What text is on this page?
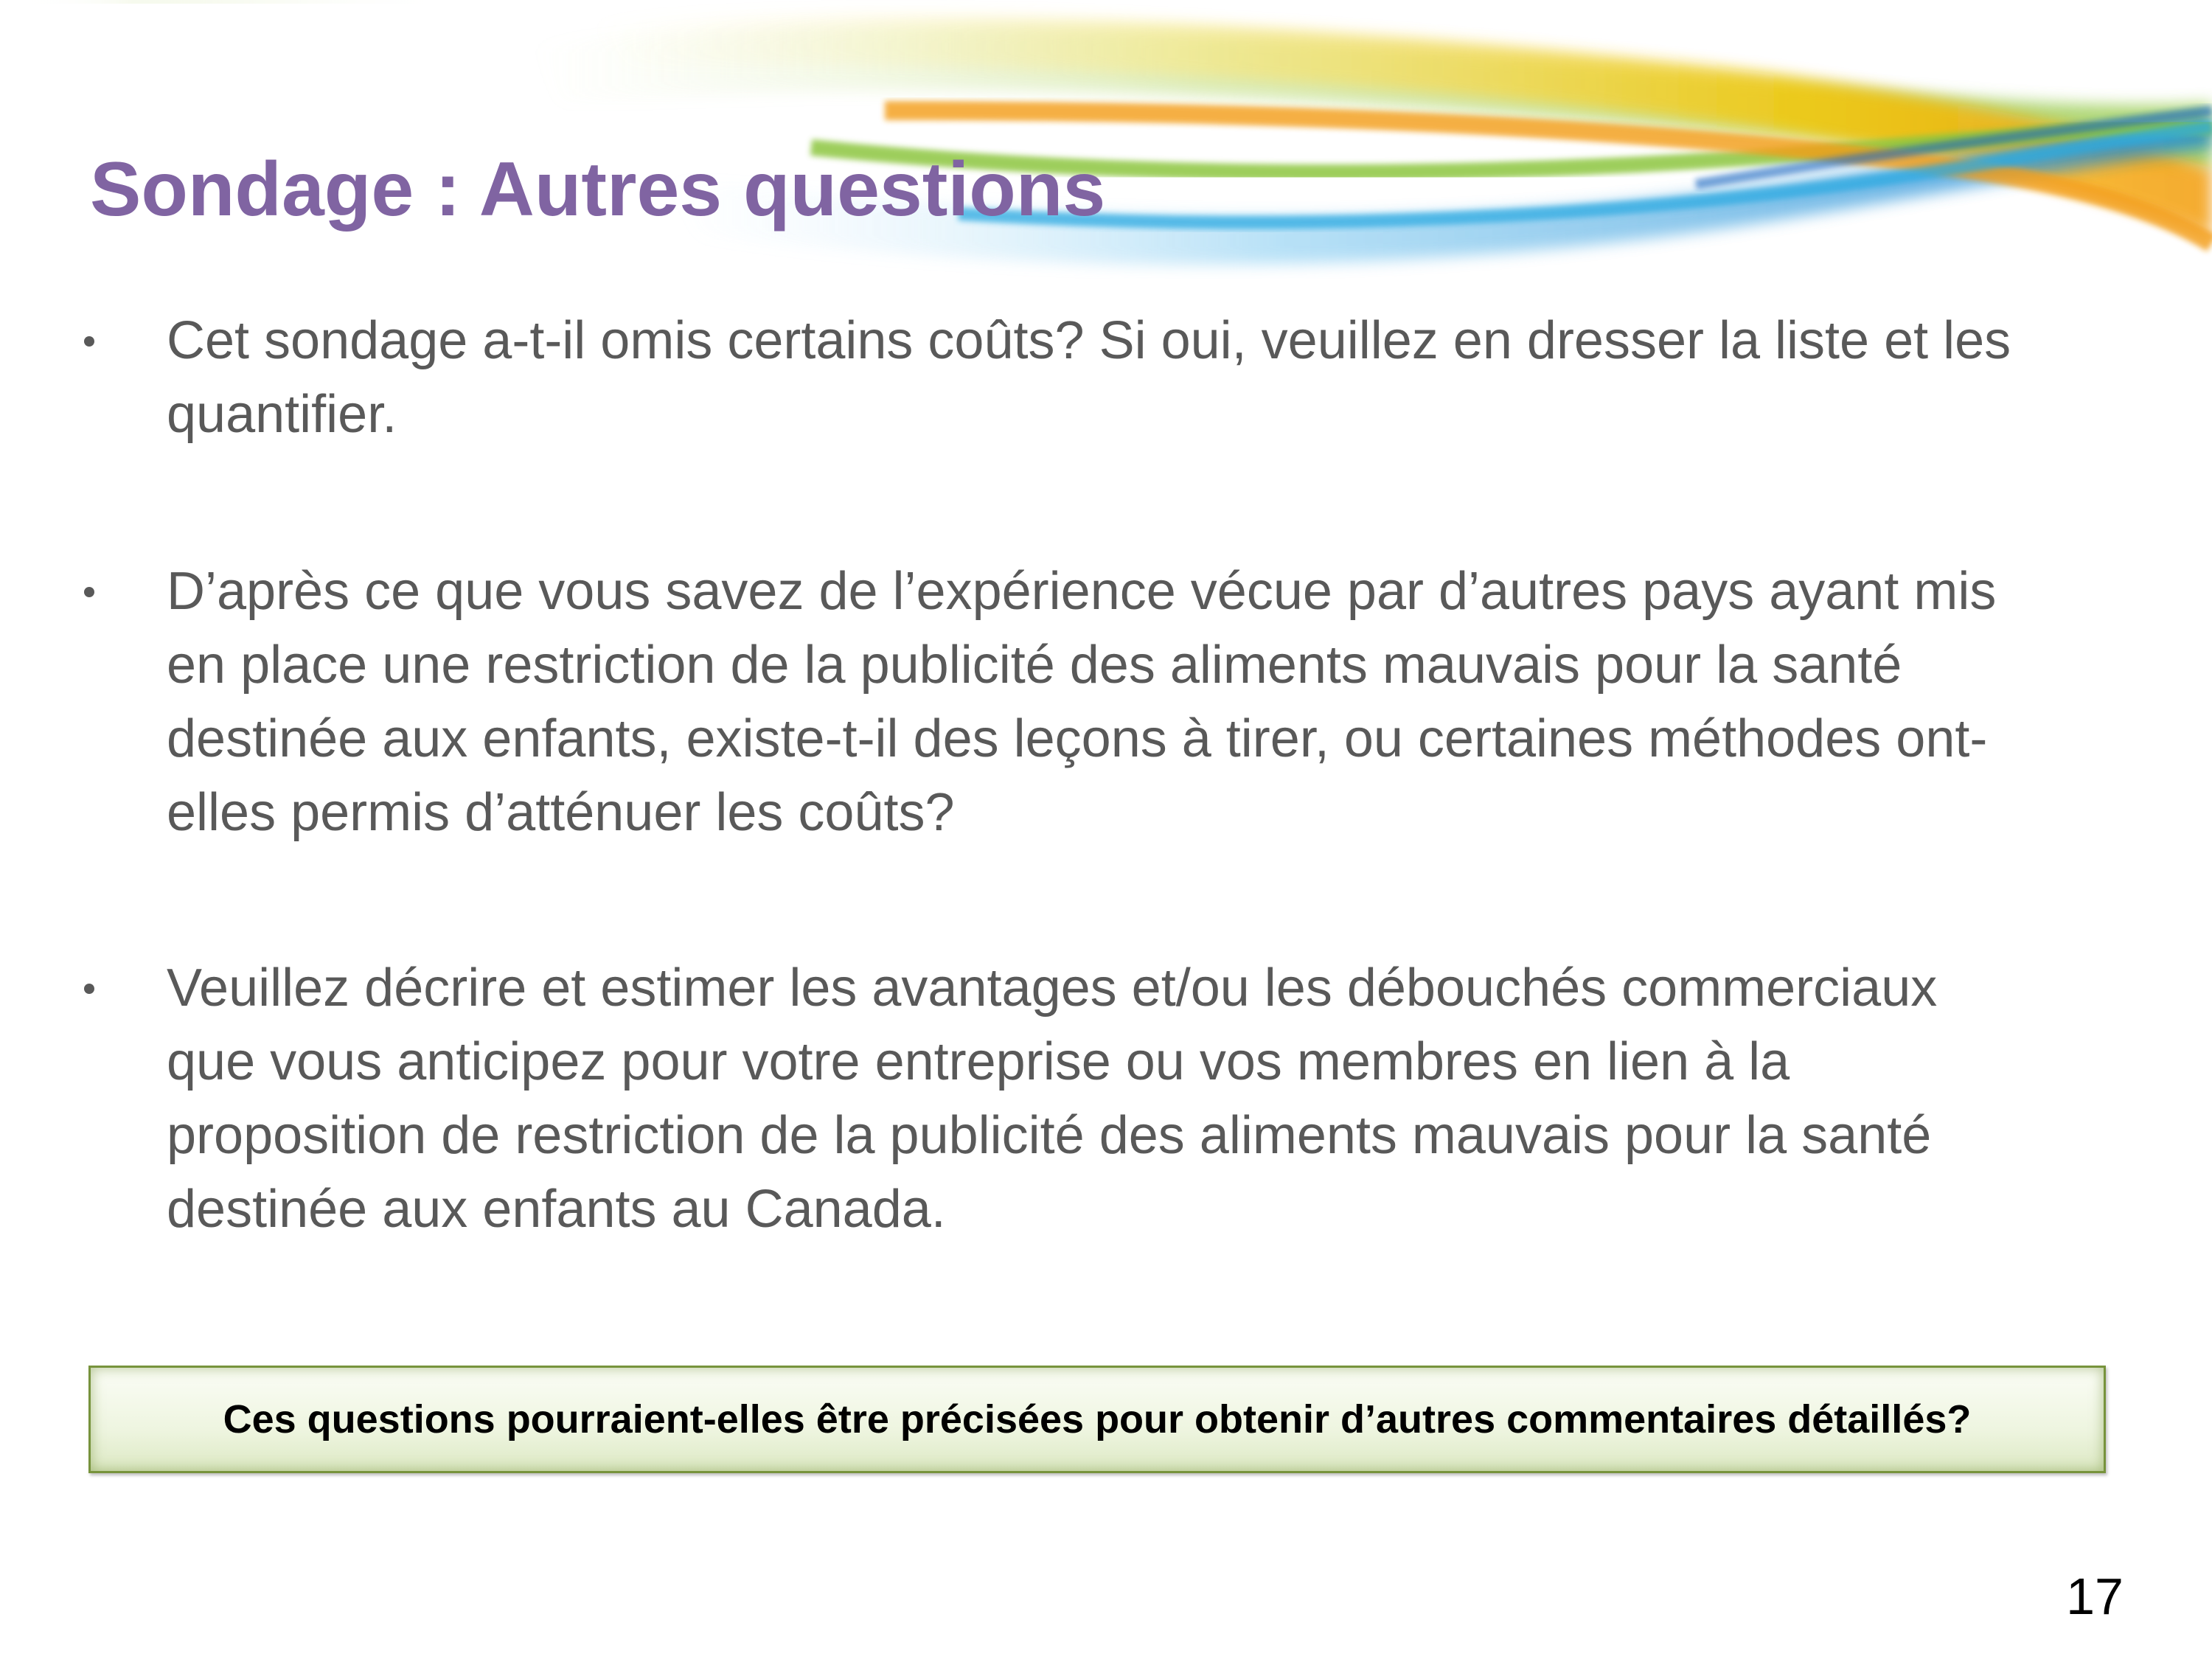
Sondage : Autres questions
Cet sondage a-t-il omis certains coûts? Si oui, veuillez en dresser la liste et les
quantifier.
D’après ce que vous savez de l’expérience vécue par d’autres pays ayant mis
en place une restriction de la publicité des aliments mauvais pour la santé
destinée aux enfants, existe-t-il des leçons à tirer, ou certaines méthodes ont-
elles permis d’atténuer les coûts?
Veuillez décrire et estimer les avantages et/ou les débouchés commerciaux
que vous anticipez pour votre entreprise ou vos membres en lien à la
proposition de restriction de la publicité des aliments mauvais pour la santé
destinée aux enfants au Canada.
Ces questions pourraient-elles être précisées pour obtenir d’autres commentaires détaillés?
17
